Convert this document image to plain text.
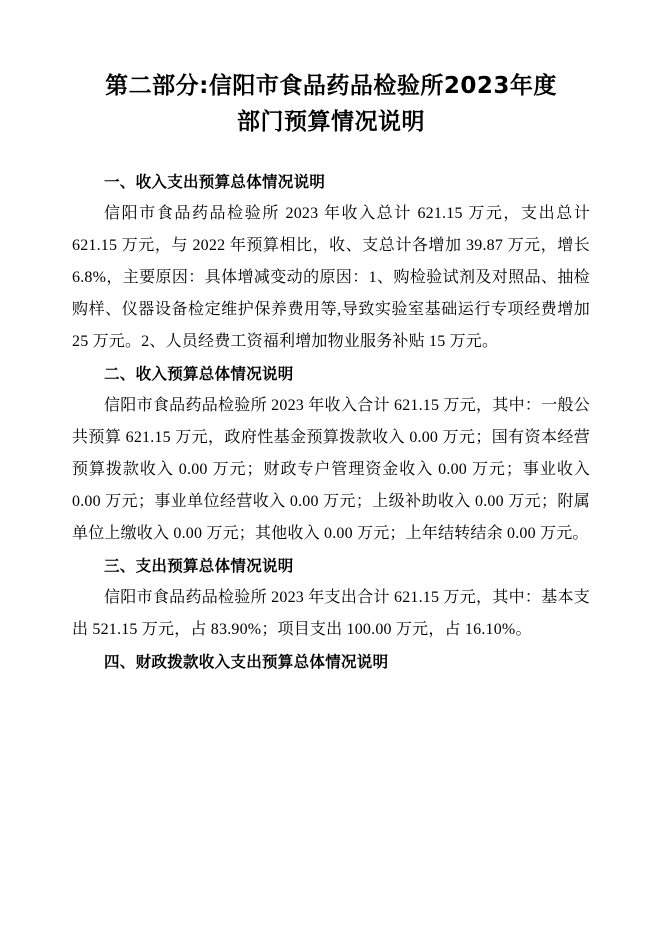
第二部分:信阳市食品药品检验所2023年度
部门预算情况说明
一、收入支出预算总体情况说明

信阳市食品药品检验所 2023 年收入总计 621.15 万元，支出总计 621.15 万元，与 2022 年预算相比，收、支总计各增加 39.87 万元，增长 6.8%，主要原因：具体增减变动的原因：1、购检验试剂及对照品、抽检购样、仪器设备检定维护保养费用等,导致实验室基础运行专项经费增加 25 万元。2、人员经费工资福利增加物业服务补贴 15 万元。

二、收入预算总体情况说明

信阳市食品药品检验所 2023 年收入合计 621.15 万元，其中：一般公共预算 621.15 万元，政府性基金预算拨款收入 0.00 万元；国有资本经营预算拨款收入 0.00 万元；财政专户管理资金收入 0.00 万元；事业收入 0.00 万元；事业单位经营收入 0.00 万元；上级补助收入 0.00 万元；附属单位上缴收入 0.00 万元；其他收入 0.00 万元；上年结转结余 0.00 万元。

三、支出预算总体情况说明

信阳市食品药品检验所 2023 年支出合计 621.15 万元，其中：基本支出 521.15 万元，占 83.90%；项目支出 100.00 万元，占 16.10%。

四、财政拨款收入支出预算总体情况说明
